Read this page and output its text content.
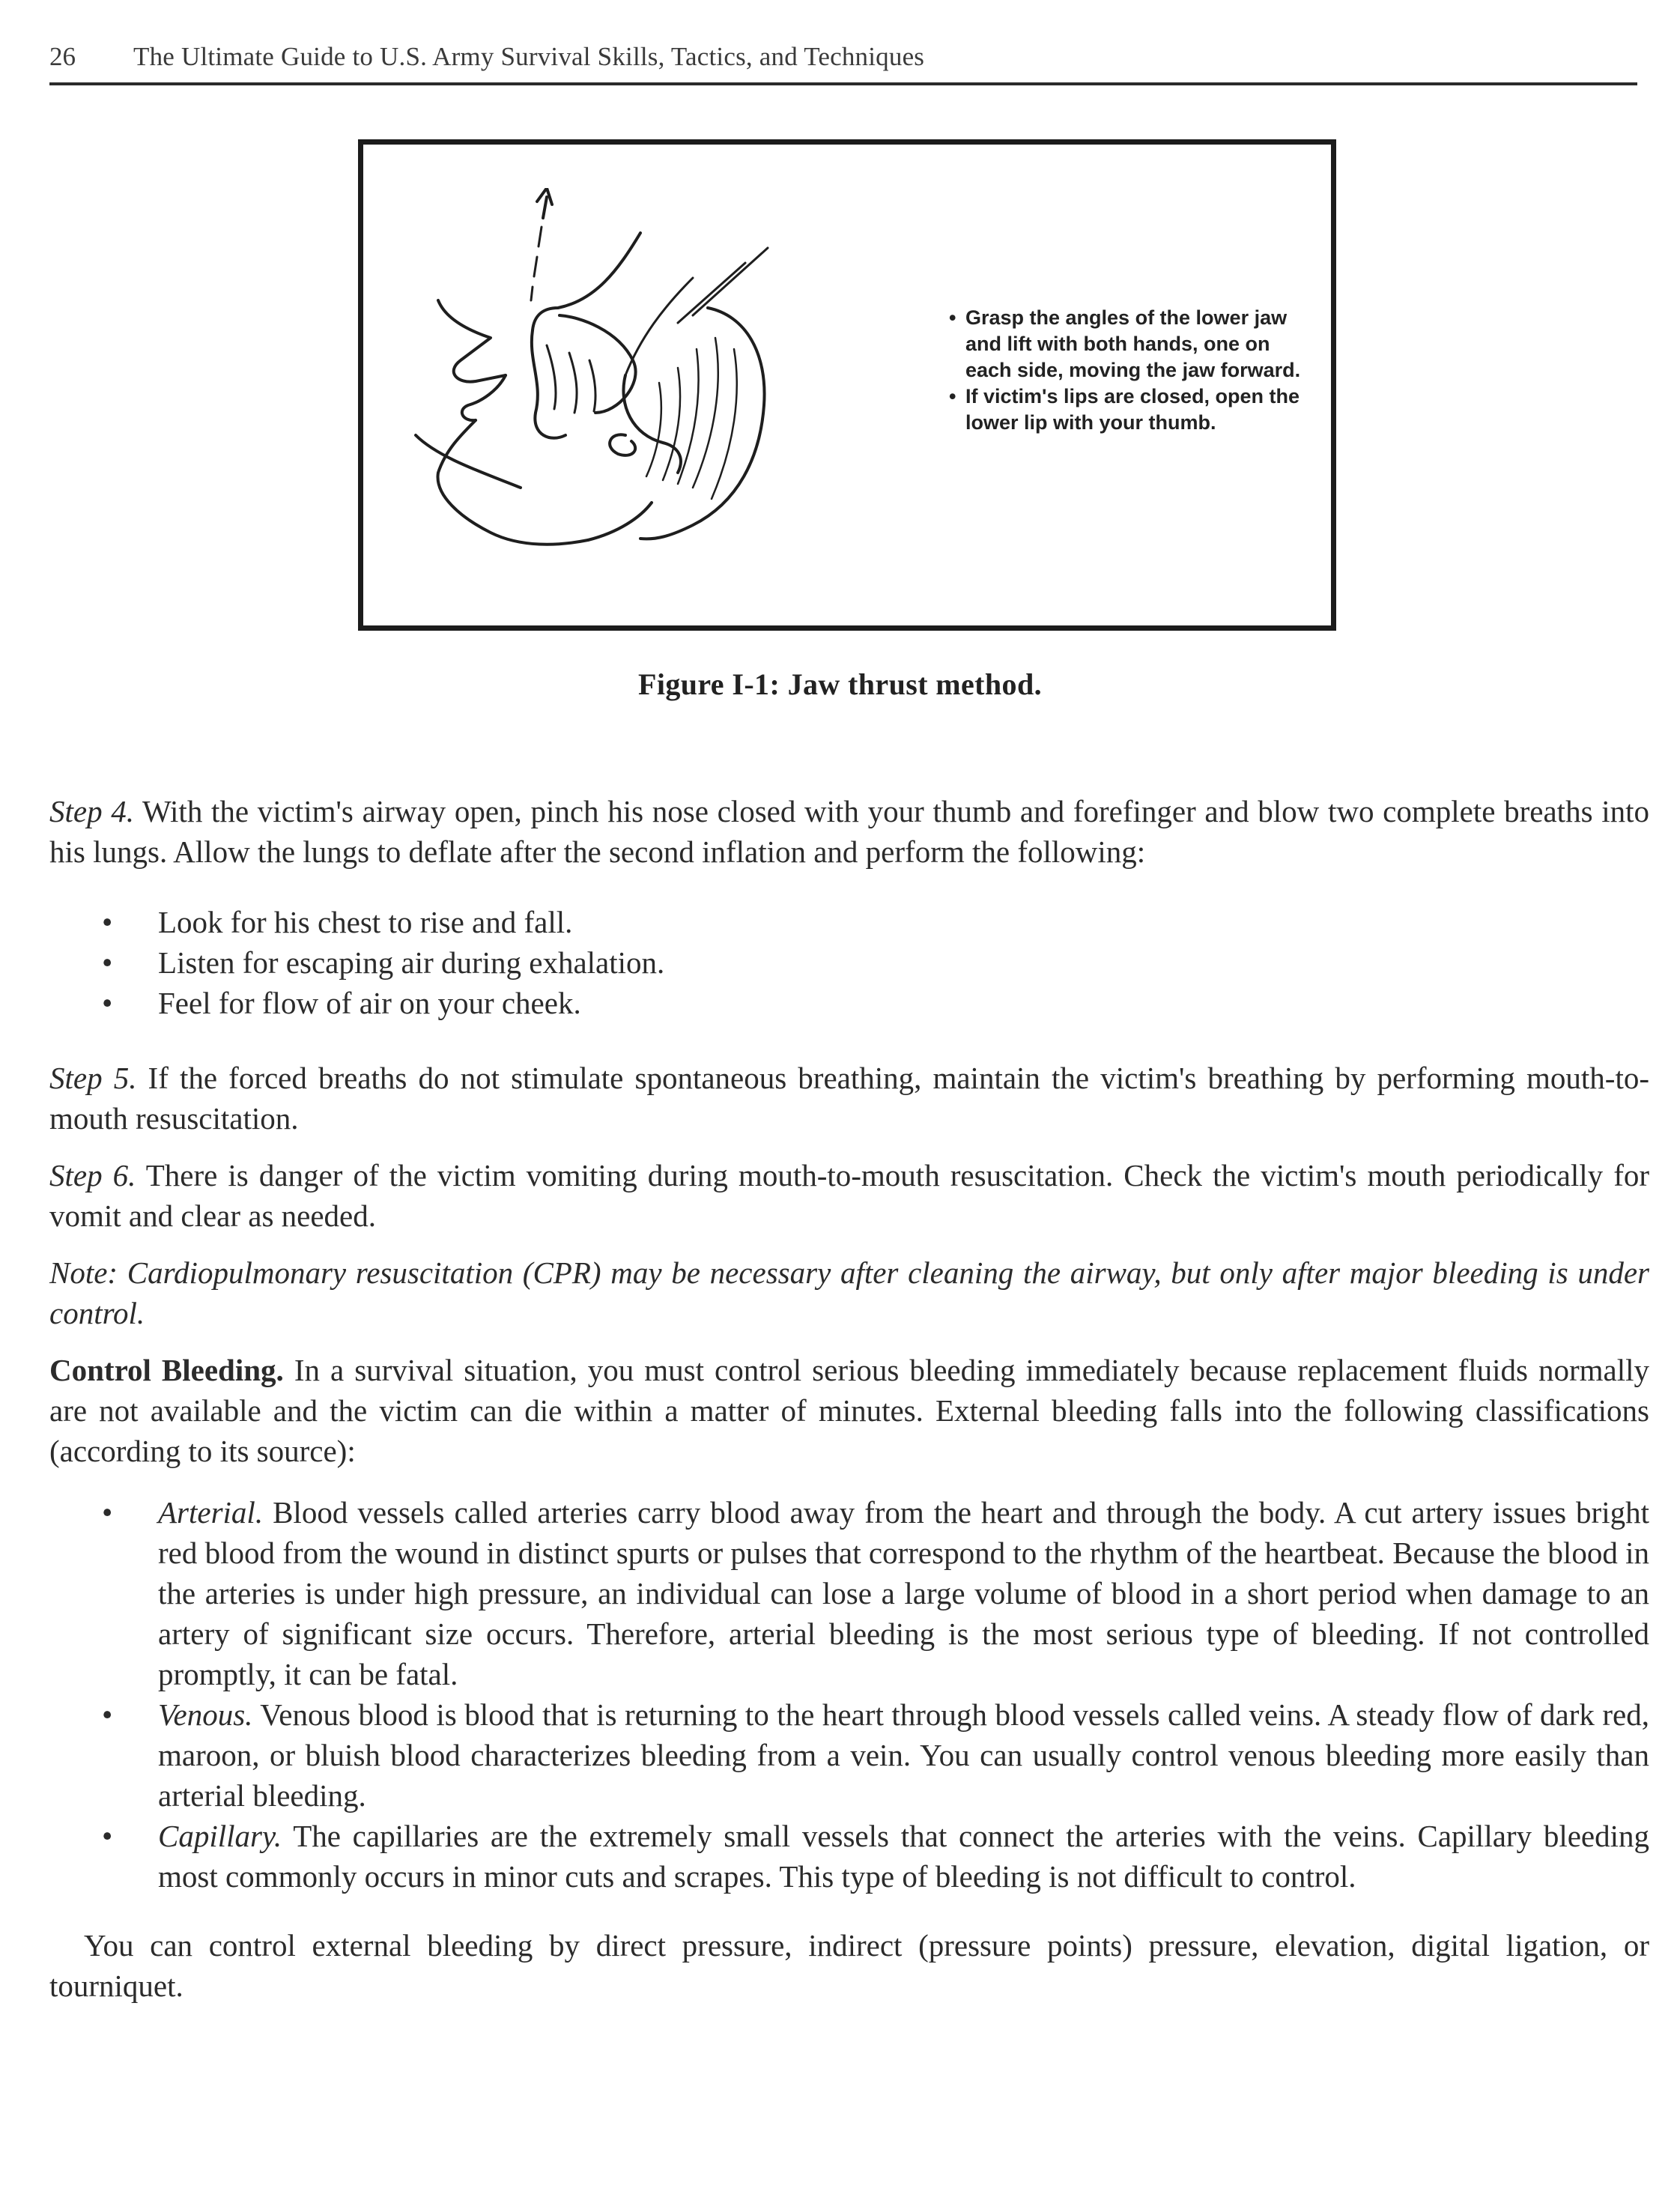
26 The Ultimate Guide to U.S. Army Survival Skills, Tactics, and Techniques

• Grasp the angles of the lower jaw and lift with both hands, one on each side, moving the jaw forward.

• If victim's lips are closed, open the lower lip with your thumb.

Figure I-1: Jaw thrust method.

Step 4. With the victim's airway open, pinch his nose closed with your thumb and forefinger and blow two complete breaths into his lungs. Allow the lungs to deflate after the second inflation and perform the following:

• Look for his chest to rise and fall.
• Listen for escaping air during exhalation.
• Feel for flow of air on your cheek.

Step 5. If the forced breaths do not stimulate spontaneous breathing, maintain the victim's breathing by performing mouth-to-mouth resuscitation.

Step 6. There is danger of the victim vomiting during mouth-to-mouth resuscitation. Check the victim's mouth periodically for vomit and clear as needed.

Note: Cardiopulmonary resuscitation (CPR) may be necessary after cleaning the airway, but only after major bleeding is under control.

Control Bleeding. In a survival situation, you must control serious bleeding immediately because replacement fluids normally are not available and the victim can die within a matter of minutes. External bleeding falls into the following classifications (according to its source):

• Arterial. Blood vessels called arteries carry blood away from the heart and through the body. A cut artery issues bright red blood from the wound in distinct spurts or pulses that correspond to the rhythm of the heartbeat. Because the blood in the arteries is under high pressure, an individual can lose a large volume of blood in a short period when damage to an artery of significant size occurs. Therefore, arterial bleeding is the most serious type of bleeding. If not controlled promptly, it can be fatal.
• Venous. Venous blood is blood that is returning to the heart through blood vessels called veins. A steady flow of dark red, maroon, or bluish blood characterizes bleeding from a vein. You can usually control venous bleeding more easily than arterial bleeding.
• Capillary. The capillaries are the extremely small vessels that connect the arteries with the veins. Capillary bleeding most commonly occurs in minor cuts and scrapes. This type of bleeding is not difficult to control.

You can control external bleeding by direct pressure, indirect (pressure points) pressure, elevation, digital ligation, or tourniquet.
